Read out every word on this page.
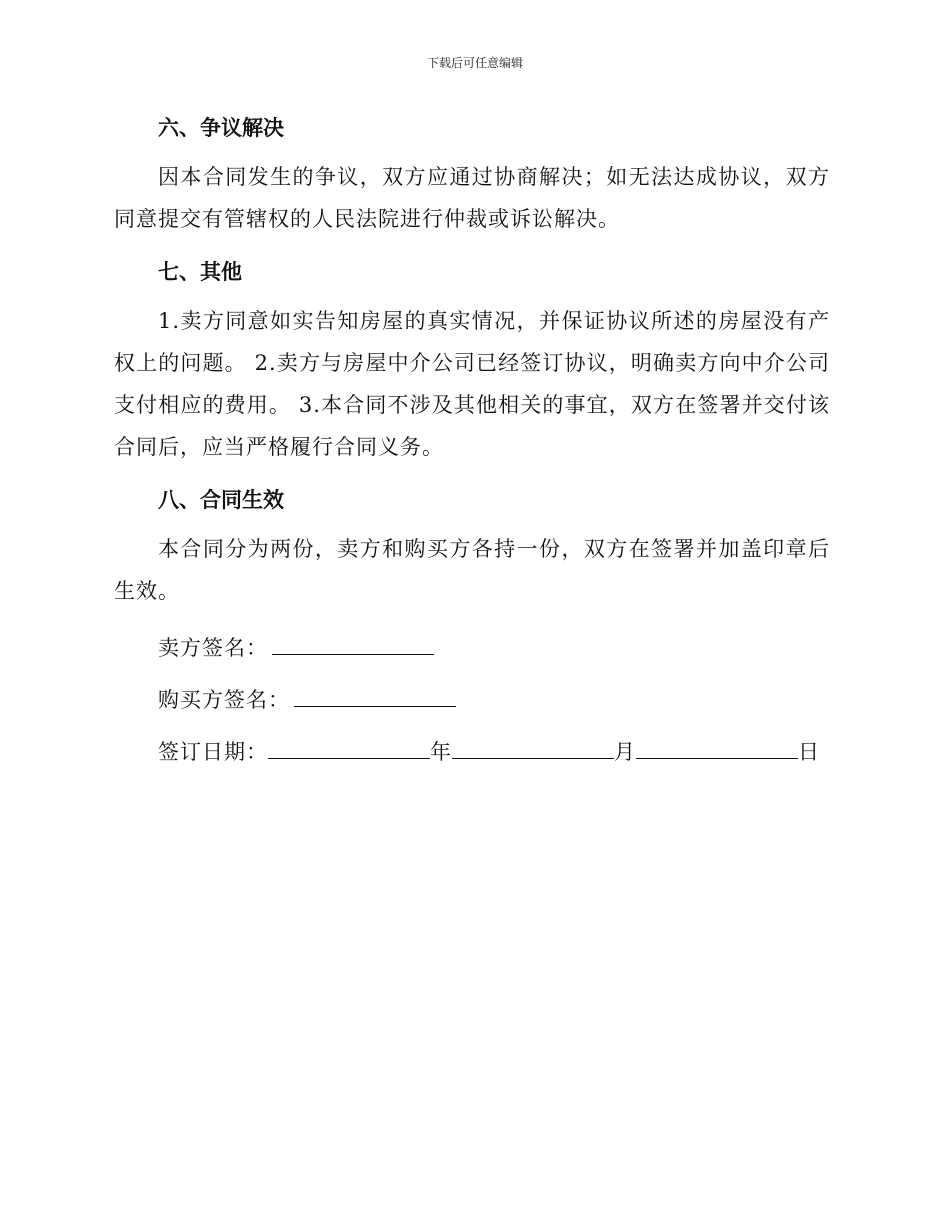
下载后可任意编辑
六、争议解决

因本合同发生的争议，双方应通过协商解决；如无法达成协议，双方同意提交有管辖权的人民法院进行仲裁或诉讼解决。

七、其他

1.卖方同意如实告知房屋的真实情况，并保证协议所述的房屋没有产权上的问题。 2.卖方与房屋中介公司已经签订协议，明确卖方向中介公司支付相应的费用。 3.本合同不涉及其他相关的事宜，双方在签署并交付该合同后，应当严格履行合同义务。

八、合同生效

本合同分为两份，卖方和购买方各持一份，双方在签署并加盖印章后生效。

卖方签名：
购买方签名：
签订日期：	年	月	日
